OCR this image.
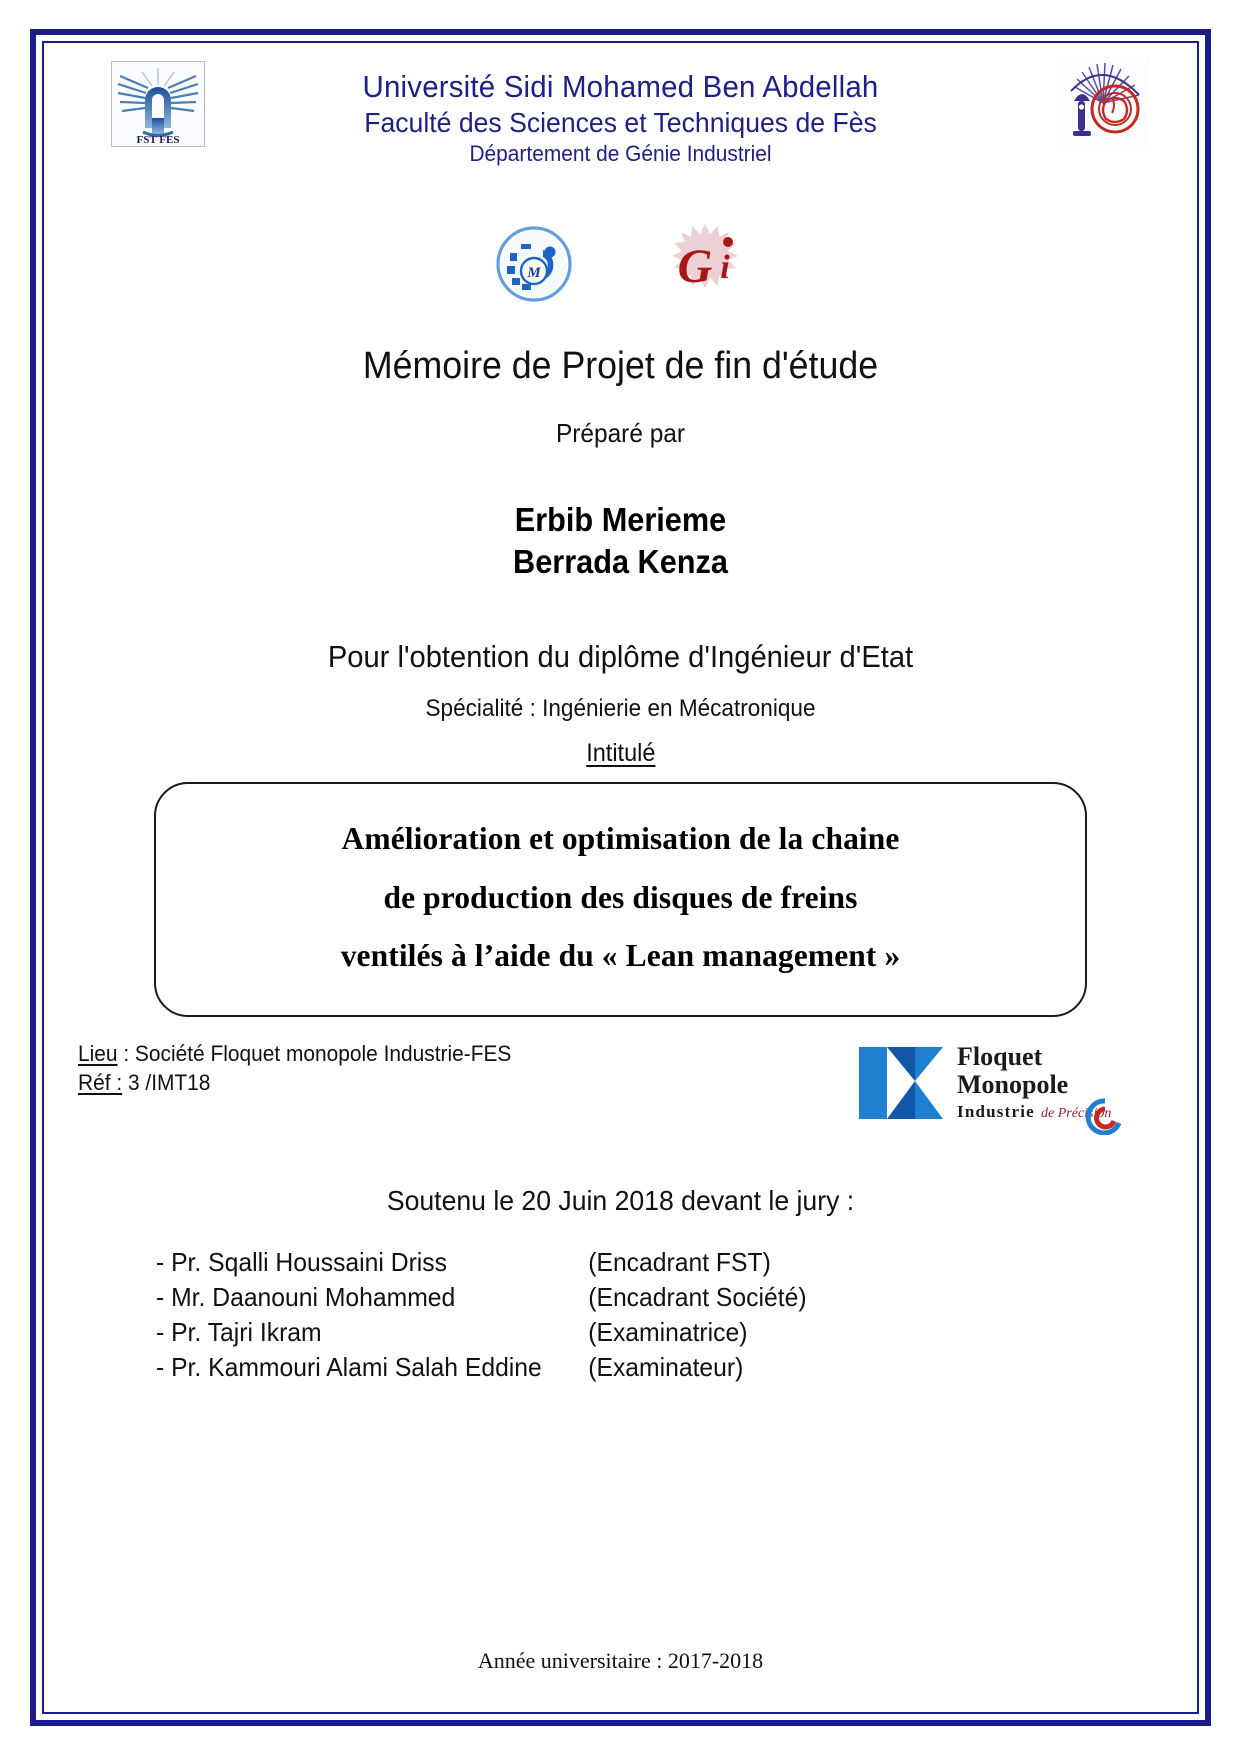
FST FES
Université Sidi Mohamed Ben Abdellah
Faculté des Sciences et Techniques de Fès
Département de Génie Industriel
M	G i
Mémoire de Projet de fin d'étude
Préparé par
Erbib Merieme
Berrada Kenza
Pour l'obtention du diplôme d'Ingénieur d'Etat
Spécialité : Ingénierie en Mécatronique
Intitulé
Amélioration et optimisation de la chaine
de production des disques de freins
ventilés à l’aide du « Lean management »
Lieu : Société Floquet monopole Industrie-FES
Réf : 3 /IMT18
Floquet
Monopole
Industrie de Précision
Soutenu le 20 Juin 2018 devant le jury :
- Pr. Sqalli Houssaini Driss	(Encadrant FST)
- Mr. Daanouni Mohammed	(Encadrant Société)
- Pr. Tajri Ikram	(Examinatrice)
- Pr. Kammouri Alami Salah Eddine	(Examinateur)
Année universitaire : 2017-2018
